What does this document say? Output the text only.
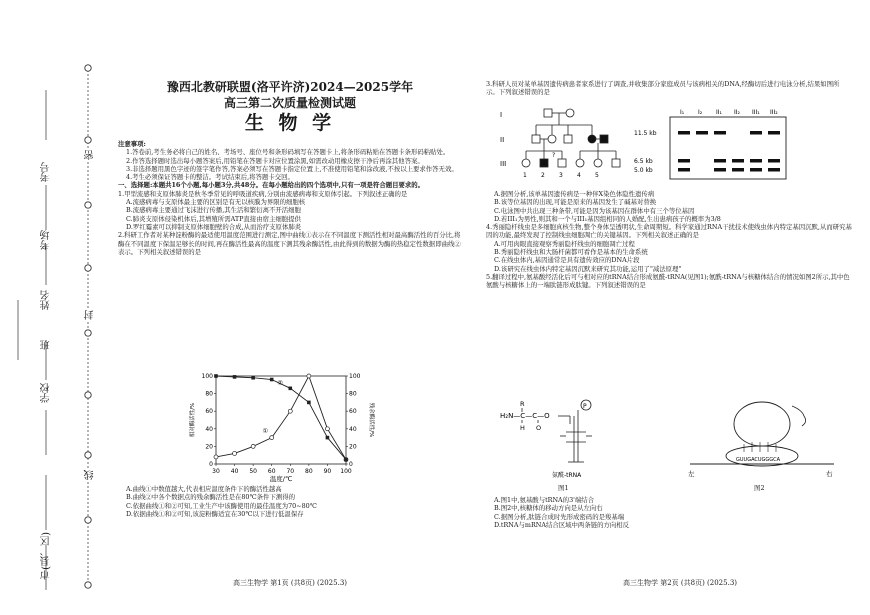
市(县、区)
学校
班
姓名
考场
考号
密
封
线
豫西北教研联盟(洛平许济)2024—2025学年
高三第二次质量检测试题
生 物 学

注意事项:

1.答卷前,考生务必将自己的姓名、考场号、座位号和条形码填写在答题卡上,将条形码粘贴在答题卡条形码粘贴处。

2.作答选择题时选出每小题答案后,用铅笔在答题卡对应位置涂黑,如需改动用橡皮擦干净后再涂其他答案。

3.非选择题用黑色字迹的签字笔作答,答案必须写在答题卡指定位置上,不准使用铅笔和涂改液,不按以上要求作答无效。

4.考生必须保证答题卡的整洁。考试结束后,将答题卡交回。

一、选择题:本题共16个小题,每小题3分,共48分。在每小题给出的四个选项中,只有一项是符合题目要求的。

1.甲型流感和支原体肺炎是秋冬季常见的呼吸道疾病,分别由流感病毒和支原体引起。下列叙述正确的是

A.流感病毒与支原体最主要的区别是有无以核膜为界限的细胞核

B.流感病毒主要通过飞沫进行传播,其生活和繁衍离不开活细胞

C.肺炎支原体侵染机体后,其增殖所需ATP直接由宿主细胞提供

D.罗红霉素可以抑制支原体细胞壁的合成,从而治疗支原体肺炎

2.科研工作者对某种淀粉酶的最适使用温度范围进行测定,图中曲线①表示在不同温度下测活性相对最高酶活性的百分比,将酶在不同温度下保温足够长的时间,再在酶活性最高的温度下测其残余酶活性,由此得到的数据为酶的热稳定性数据即曲线②表示。下列相关叙述错误的是

30 40 50 60 70 80 90 100
0	0
20	20
40	40
60	60
80	80
100	100
温度/℃
相对酶活性/%	残余酶活性/%
①
②

A.曲线①中数值越大,代表相应温度条件下的酶活性越高

B.曲线②中各个数据点的残余酶活性是在80℃条件下测得的

C.依据曲线①和②可知,工业生产中该酶使用的最佳温度为70~80℃

D.依据曲线①和②可知,该淀粉酶适宜在30℃以下进行低温保存

高三生物学 第1页 (共8页) (2025.3)

3.科研人员对某单基因遗传病患者家系进行了调查,并收集部分家庭成员与该病相关的DNA,经酶切后进行电泳分析,结果如图所示。下列叙述错误的是

I
II
III
1 2 3 4 5
?
11.5 kb
6.5 kb
5.0 kb
I₁ I₂ II₁ II₂ III₁ III₂

A.据图分析,该单基因遗传病是一种伴X染色体隐性遗传病

B.该等位基因的出现,可能是原来的基因发生了碱基对替换

C.电泳图中共出现三种条带,可能是因为该基因在群体中有三个等位基因

D.若III₁为男性,则其和一个与III₁基因组相同的人婚配,生出患病孩子的概率为3/8

4.秀丽隐杆线虫是多细胞真核生物,整个身体呈透明状,生命周期短。科学家通过RNA干扰技术使线虫体内特定基因沉默,从而研究基因的功能,最终发现了控制线虫细胞凋亡的关键基因。下列相关叙述正确的是

A.可用肉眼直接观察秀丽隐杆线虫的细胞凋亡过程

B.秀丽隐杆线虫和大肠杆菌都可看作是基本的生命系统

C.在线虫体内,基因通常是具有遗传效应的DNA片段

D.该研究在线虫体内特定基因沉默来研究其功能,运用了"减法原理"

5.翻译过程中,氨基酸经活化后可与相对应的tRNA结合形成氨酰-tRNA(见图1);氨酰-tRNA与核糖体结合的情况如图2所示,其中色氨酸与核糖体上的一端肽链形成肽键。下列叙述错误的是

H₂N—C—C—O
R
H O
P
氨酰-tRNA
图1
GUUGACUGGGCA
左	右
图2

A.图1中,氨基酸与tRNA的3'端结合

B.图2中,核糖体的移动方向是从左向右

C.据图分析,肽链合成时先形成密码的是羧基端

D.tRNA与mRNA结合区域中两条链的方向相反

高三生物学 第2页 (共8页) (2025.3)
